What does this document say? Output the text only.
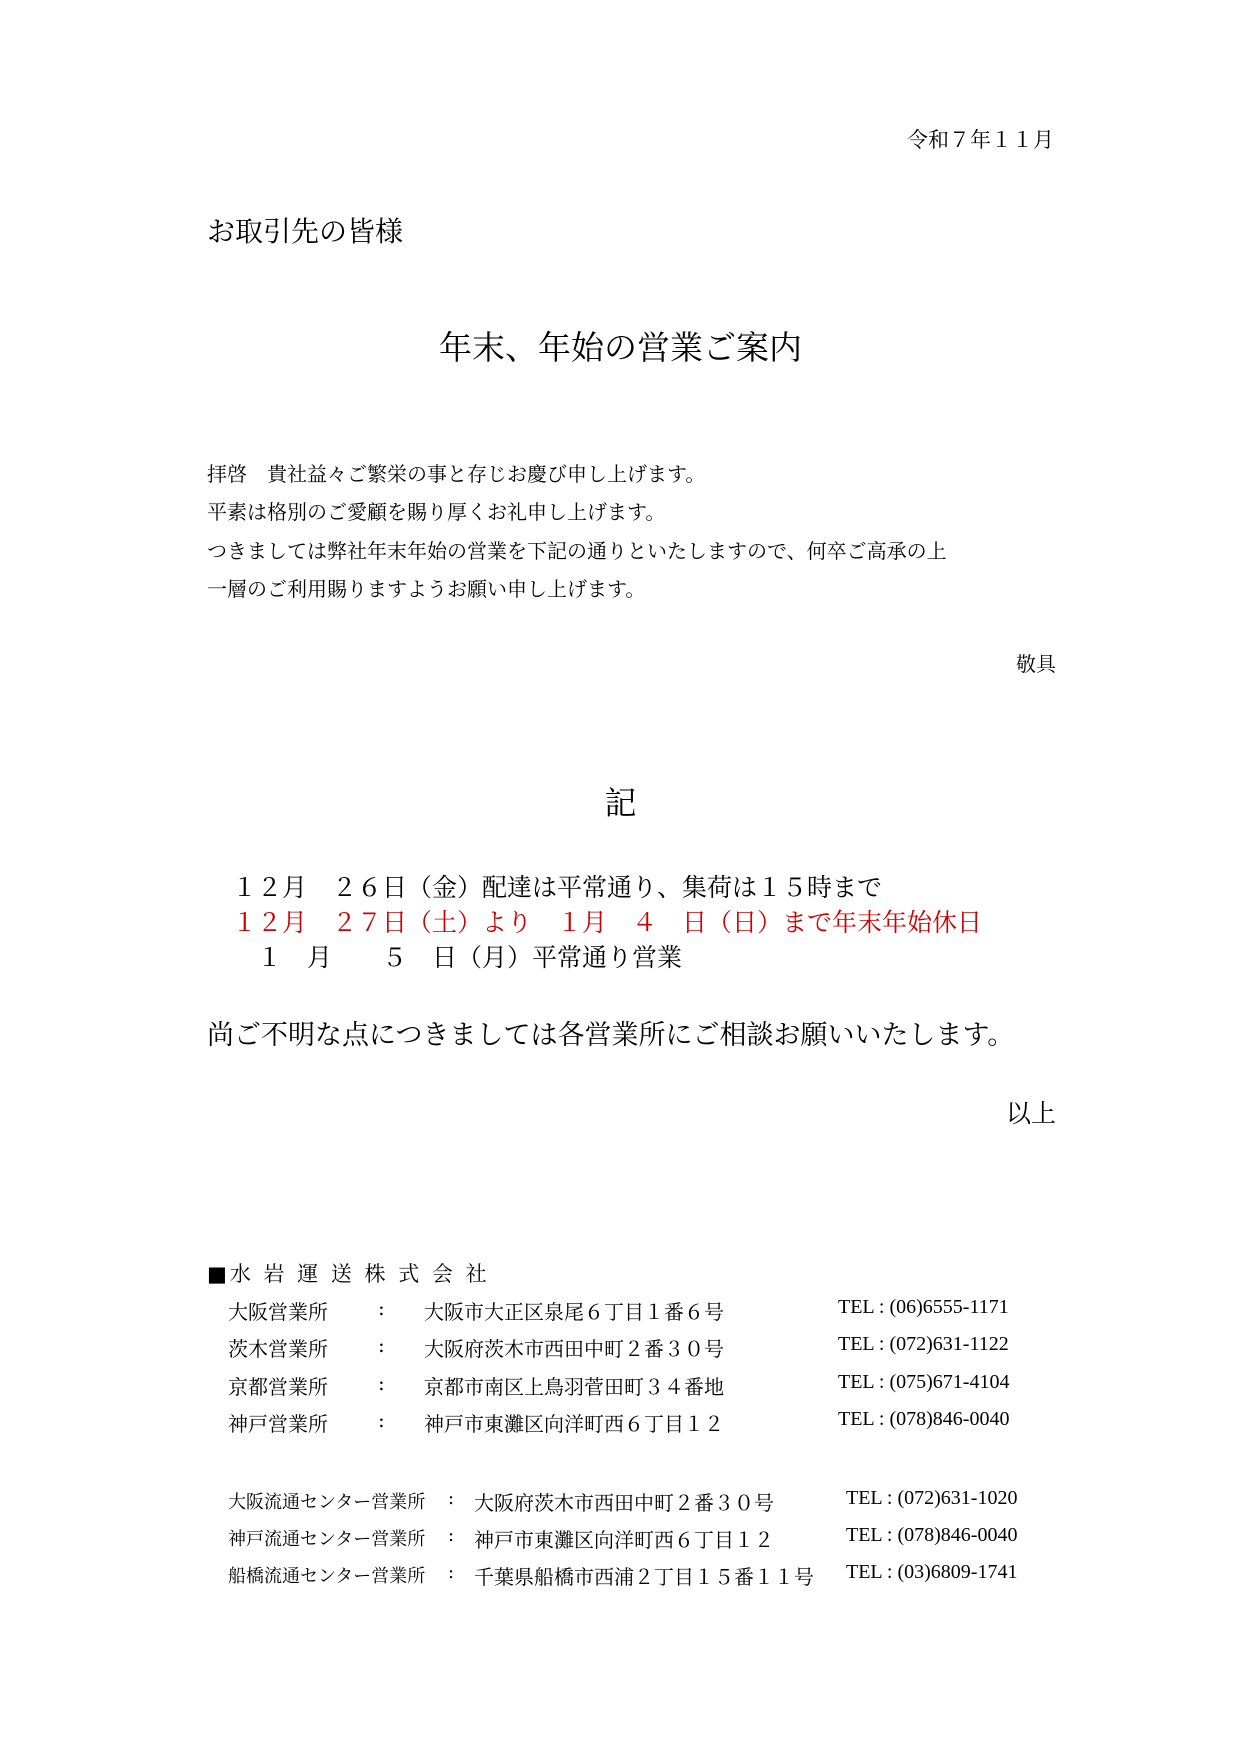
令和７年１１月
お取引先の皆様
年末、年始の営業ご案内
拝啓　貴社益々ご繁栄の事と存じお慶び申し上げます。
平素は格別のご愛顧を賜り厚くお礼申し上げます。
つきましては弊社年末年始の営業を下記の通りといたしますので、何卒ご高承の上
一層のご利用賜りますようお願い申し上げます。
敬具
記
１２月　２６日（金）配達は平常通り、集荷は１５時まで
１２月　２７日（土）より　１月　４　日（日）まで年末年始休日
　１　月　　５　日（月）平常通り営業
尚ご不明な点につきましては各営業所にご相談お願いいたします。
以上
■水 岩 運 送 株 式 会 社
大阪営業所	: 大阪市大正区泉尾６丁目１番６号	TEL : (06)6555-1171
茨木営業所	: 大阪府茨木市西田中町２番３０号	TEL : (072)631-1122
京都営業所	: 京都市南区上鳥羽菅田町３４番地	TEL : (075)671-4104
神戸営業所	: 神戸市東灘区向洋町西６丁目１２	TEL : (078)846-0040
大阪流通センター営業所 : 大阪府茨木市西田中町２番３０号	TEL : (072)631-1020
神戸流通センター営業所 : 神戸市東灘区向洋町西６丁目１２	TEL : (078)846-0040
船橋流通センター営業所 : 千葉県船橋市西浦２丁目１５番１１号 TEL : (03)6809-1741
